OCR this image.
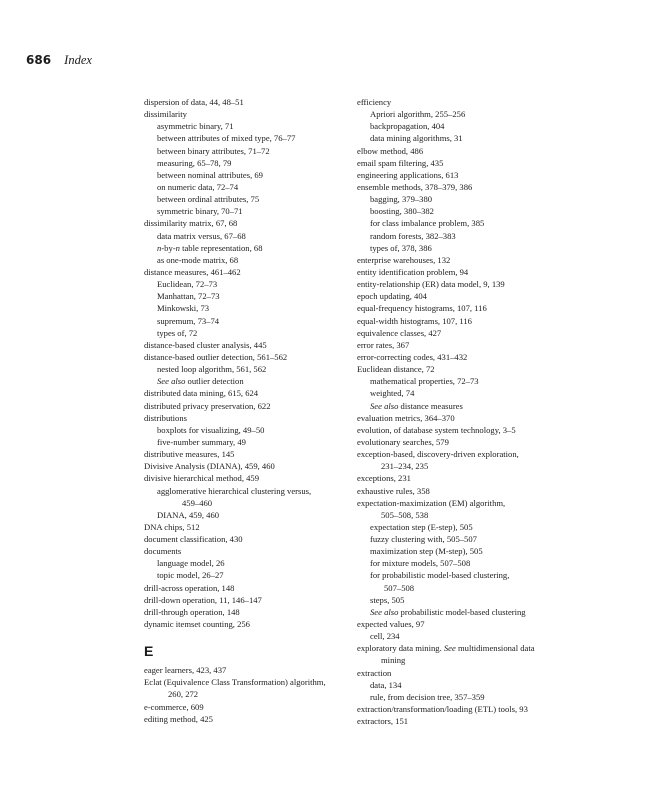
686 Index
dispersion of data, 44, 48–51
dissimilarity
asymmetric binary, 71
between attributes of mixed type, 76–77
between binary attributes, 71–72
measuring, 65–78, 79
between nominal attributes, 69
on numeric data, 72–74
between ordinal attributes, 75
symmetric binary, 70–71
dissimilarity matrix, 67, 68
data matrix versus, 67–68
n-by-n table representation, 68
as one-mode matrix, 68
distance measures, 461–462
Euclidean, 72–73
Manhattan, 72–73
Minkowski, 73
supremum, 73–74
types of, 72
distance-based cluster analysis, 445
distance-based outlier detection, 561–562
nested loop algorithm, 561, 562
See also outlier detection
distributed data mining, 615, 624
distributed privacy preservation, 622
distributions
boxplots for visualizing, 49–50
five-number summary, 49
distributive measures, 145
Divisive Analysis (DIANA), 459, 460
divisive hierarchical method, 459
agglomerative hierarchical clustering versus,
459–460
DIANA, 459, 460
DNA chips, 512
document classification, 430
documents
language model, 26
topic model, 26–27
drill-across operation, 148
drill-down operation, 11, 146–147
drill-through operation, 148
dynamic itemset counting, 256
E
eager learners, 423, 437
Eclat (Equivalence Class Transformation) algorithm,
260, 272
e-commerce, 609
editing method, 425
efficiency
Apriori algorithm, 255–256
backpropagation, 404
data mining algorithms, 31
elbow method, 486
email spam filtering, 435
engineering applications, 613
ensemble methods, 378–379, 386
bagging, 379–380
boosting, 380–382
for class imbalance problem, 385
random forests, 382–383
types of, 378, 386
enterprise warehouses, 132
entity identification problem, 94
entity-relationship (ER) data model, 9, 139
epoch updating, 404
equal-frequency histograms, 107, 116
equal-width histograms, 107, 116
equivalence classes, 427
error rates, 367
error-correcting codes, 431–432
Euclidean distance, 72
mathematical properties, 72–73
weighted, 74
See also distance measures
evaluation metrics, 364–370
evolution, of database system technology, 3–5
evolutionary searches, 579
exception-based, discovery-driven exploration,
231–234, 235
exceptions, 231
exhaustive rules, 358
expectation-maximization (EM) algorithm,
505–508, 538
expectation step (E-step), 505
fuzzy clustering with, 505–507
maximization step (M-step), 505
for mixture models, 507–508
for probabilistic model-based clustering,
507–508
steps, 505
See also probabilistic model-based clustering
expected values, 97
cell, 234
exploratory data mining. See multidimensional data
mining
extraction
data, 134
rule, from decision tree, 357–359
extraction/transformation/loading (ETL) tools, 93
extractors, 151
